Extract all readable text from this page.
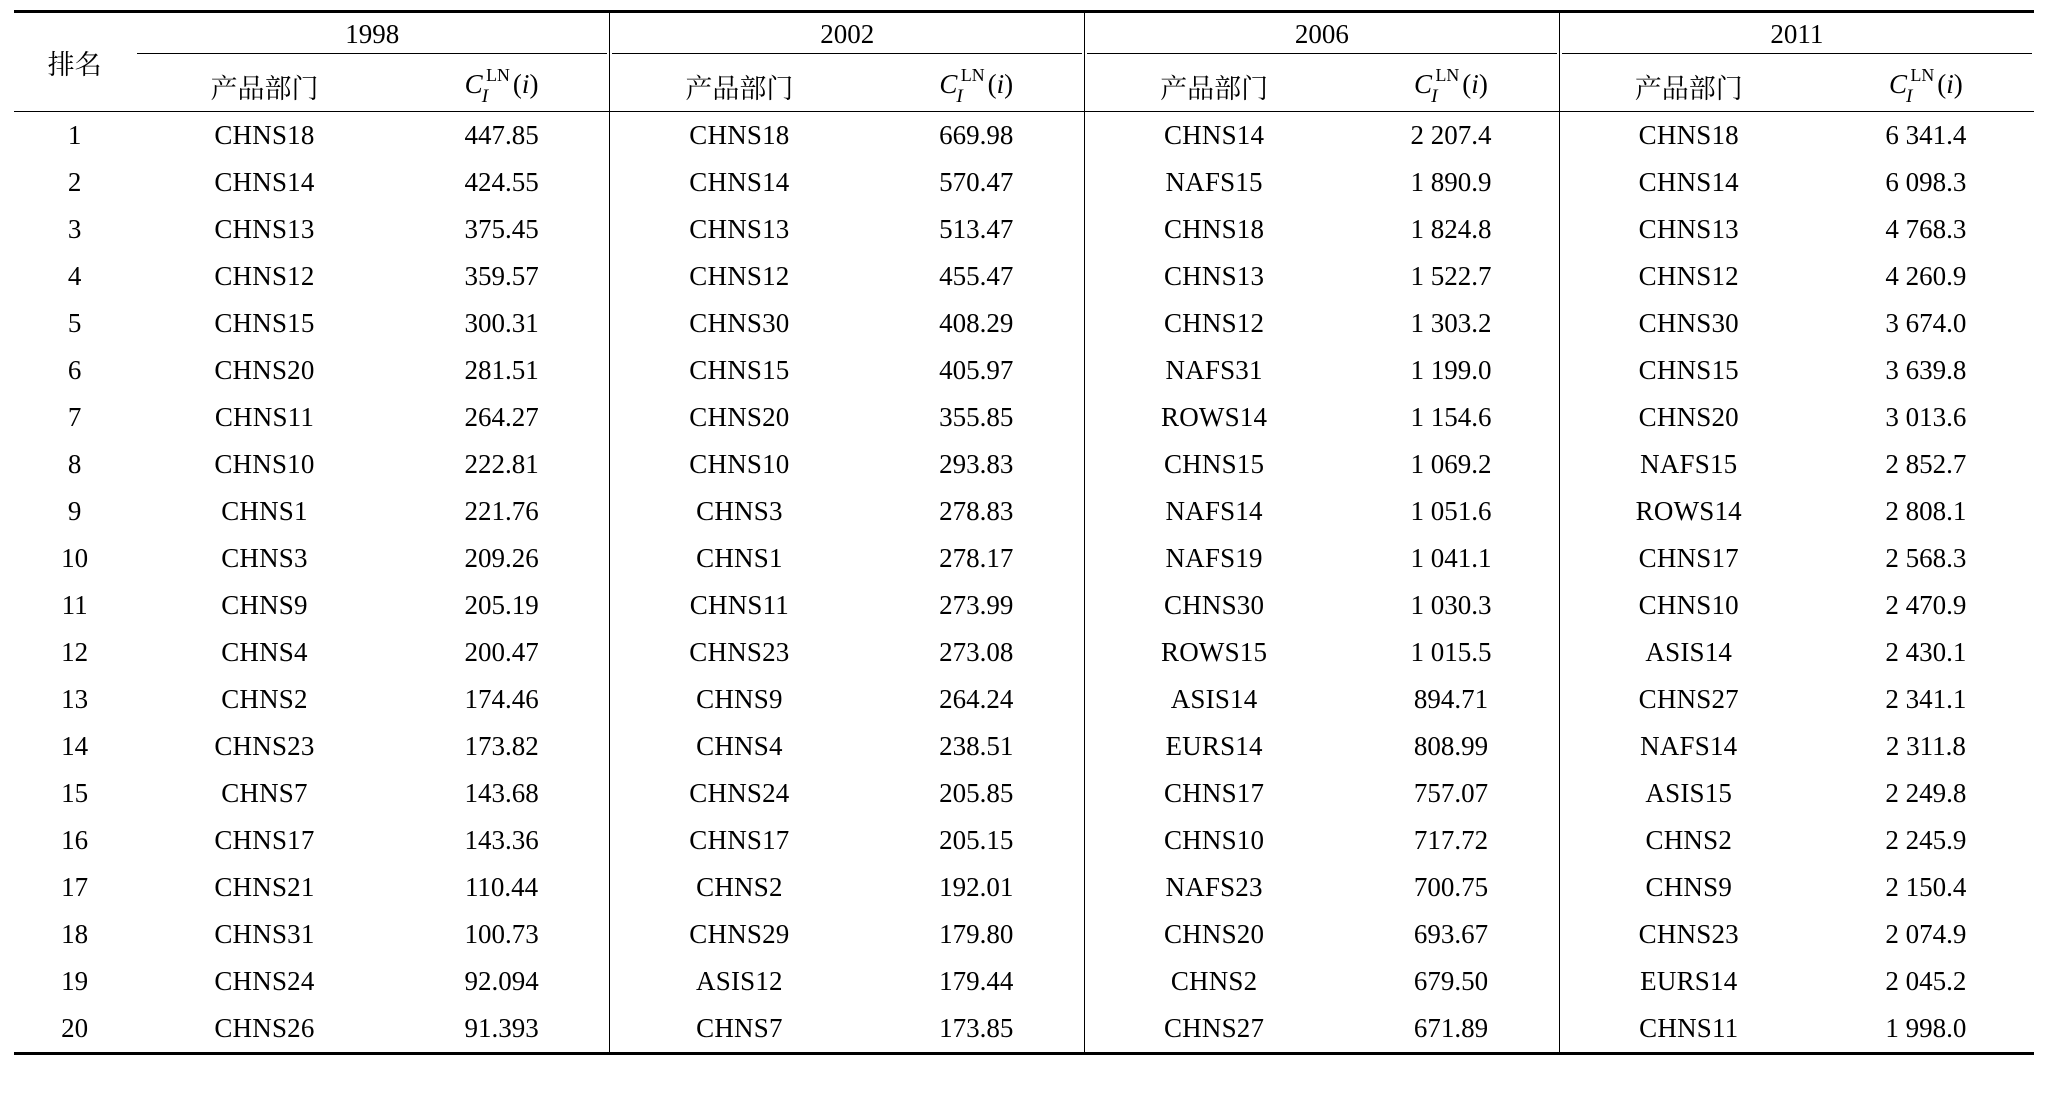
排名	1998		2002		2006		2011	

	产品部门	$C_I^{LN}$ (i)	产品部门	$C_I^{LN}$ (i)	产品部门	$C_I^{LN}$ (i)	产品部门	$C_I^{LN}$ (i)
1	CHNS18	447.85	CHNS18	669.98	CHNS14	2 207.4	CHNS18	6 341.4
2	CHNS14	424.55	CHNS14	570.47	NAFS15	1 890.9	CHNS14	6 098.3
3	CHNS13	375.45	CHNS13	513.47	CHNS18	1 824.8	CHNS13	4 768.3
4	CHNS12	359.57	CHNS12	455.47	CHNS13	1 522.7	CHNS12	4 260.9
5	CHNS15	300.31	CHNS30	408.29	CHNS12	1 303.2	CHNS30	3 674.0
6	CHNS20	281.51	CHNS15	405.97	NAFS31	1 199.0	CHNS15	3 639.8
7	CHNS11	264.27	CHNS20	355.85	ROWS14	1 154.6	CHNS20	3 013.6
8	CHNS10	222.81	CHNS10	293.83	CHNS15	1 069.2	NAFS15	2 852.7
9	CHNS1	221.76	CHNS3	278.83	NAFS14	1 051.6	ROWS14	2 808.1
10	CHNS3	209.26	CHNS1	278.17	NAFS19	1 041.1	CHNS17	2 568.3
11	CHNS9	205.19	CHNS11	273.99	CHNS30	1 030.3	CHNS10	2 470.9
12	CHNS4	200.47	CHNS23	273.08	ROWS15	1 015.5	ASIS14	2 430.1
13	CHNS2	174.46	CHNS9	264.24	ASIS14	894.71	CHNS27	2 341.1
14	CHNS23	173.82	CHNS4	238.51	EURS14	808.99	NAFS14	2 311.8
15	CHNS7	143.68	CHNS24	205.85	CHNS17	757.07	ASIS15	2 249.8
16	CHNS17	143.36	CHNS17	205.15	CHNS10	717.72	CHNS2	2 245.9
17	CHNS21	110.44	CHNS2	192.01	NAFS23	700.75	CHNS9	2 150.4
18	CHNS31	100.73	CHNS29	179.80	CHNS20	693.67	CHNS23	2 074.9
19	CHNS24	92.094	ASIS12	179.44	CHNS2	679.50	EURS14	2 045.2
20	CHNS26	91.393	CHNS7	173.85	CHNS27	671.89	CHNS11	1 998.0
